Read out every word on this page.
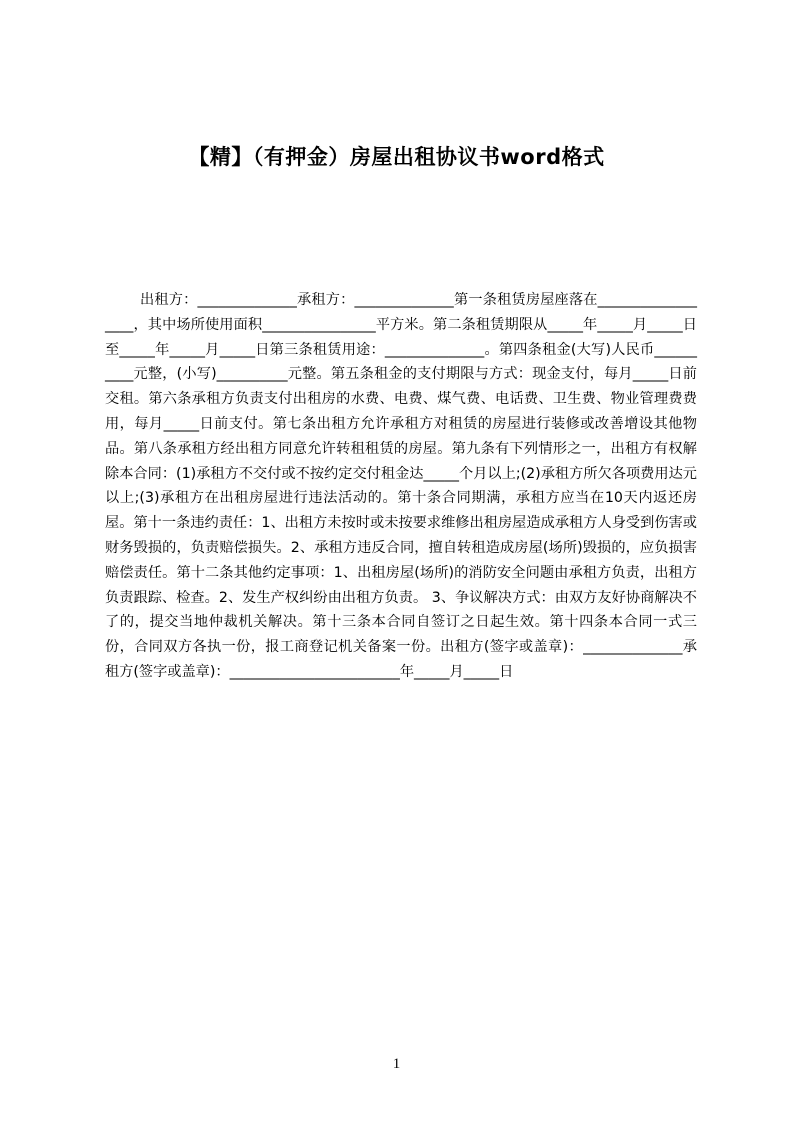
【精】（有押金）房屋出租协议书word格式

出租方：______________承租方：______________第一条租赁房屋座落在__________________，其中场所使用面积________________平方米。第二条租赁期限从_____年_____月_____日至_____年_____月_____日第三条租赁用途：______________。第四条租金(大写)人民币__________元整，(小写)__________元整。第五条租金的支付期限与方式：现金支付，每月_____日前交租。第六条承租方负责支付出租房的水费、电费、煤气费、电话费、卫生费、物业管理费费用，每月_____日前支付。第七条出租方允许承租方对租赁的房屋进行装修或改善增设其他物品。第八条承租方经出租方同意允许转租租赁的房屋。第九条有下列情形之一，出租方有权解除本合同：(1)承租方不交付或不按约定交付租金达_____个月以上;(2)承租方所欠各项费用达元以上;(3)承租方在出租房屋进行违法活动的。第十条合同期满，承租方应当在10天内返还房屋。第十一条违约责任：1、出租方未按时或未按要求维修出租房屋造成承租方人身受到伤害或财务毁损的，负责赔偿损失。2、承租方违反合同，擅自转租造成房屋(场所)毁损的，应负损害赔偿责任。第十二条其他约定事项：1、出租房屋(场所)的消防安全问题由承租方负责，出租方负责跟踪、检查。2、发生产权纠纷由出租方负责。 3、争议解决方式：由双方友好协商解决不了的，提交当地仲裁机关解决。第十三条本合同自签订之日起生效。第十四条本合同一式三份，合同双方各执一份，报工商登记机关备案一份。出租方(签字或盖章)：______________承租方(签字或盖章)：________________________年_____月_____日

1
